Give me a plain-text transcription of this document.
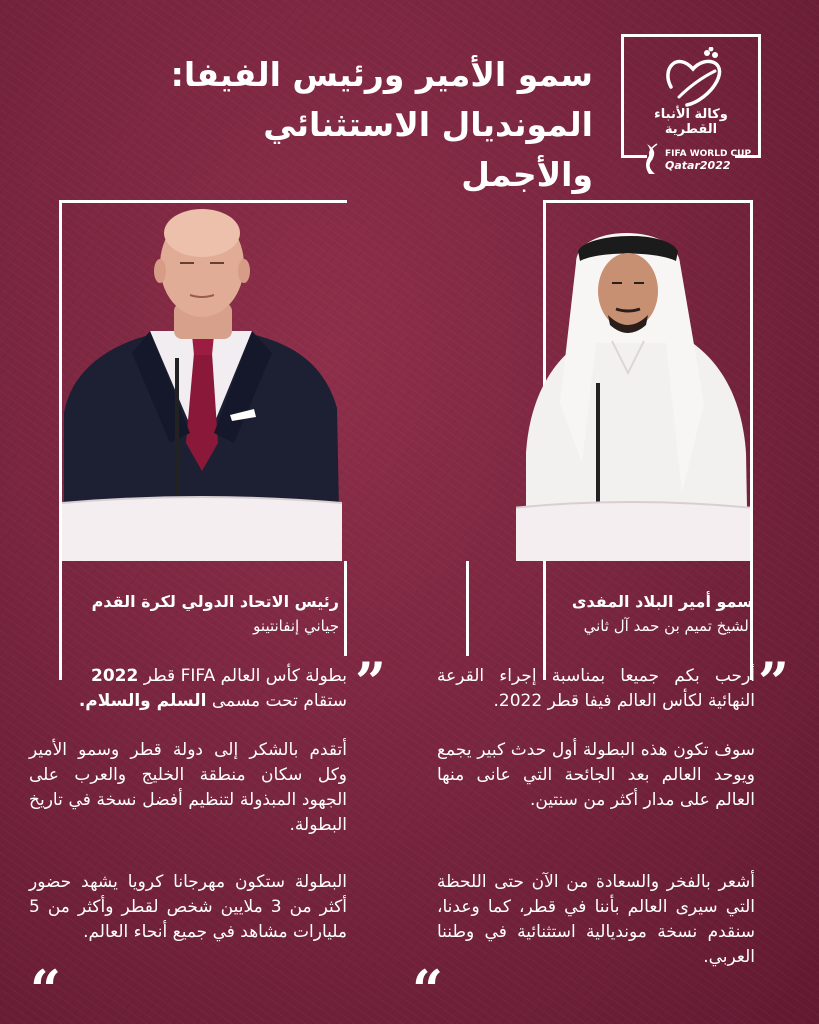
سمو الأمير ورئيس الفيفا:
المونديال الاستثنائي والأجمل
وكالة الأنباء
القطرية
FIFA WORLD CUP
Qatar2022
رئيس الاتحاد الدولي لكرة القدم
جياني إنفانتينو
سمو أمير البلاد المفدى
الشيخ تميم بن حمد آل ثاني
”
بطولة كأس العالم FIFA قطر 2022
ستقام تحت مسمى السلم والسلام.
أتقدم بالشكر إلى دولة قطر وسمو الأمير وكل سكان منطقة الخليج والعرب على الجهود المبذولة لتنظيم أفضل نسخة في تاريخ البطولة.
البطولة ستكون مهرجانا كرويا يشهد حضور أكثر من 3 ملايين شخص لقطر وأكثر من 5 مليارات مشاهد في جميع أنحاء العالم.
“
”
أرحب بكم جميعا بمناسبة إجراء القرعة النهائية لكأس العالم فيفا قطر 2022.
سوف تكون هذه البطولة أول حدث كبير يجمع ويوحد العالم بعد الجائحة التي عانى منها العالم على مدار أكثر من سنتين.
أشعر بالفخر والسعادة من الآن حتى اللحظة التي سيرى العالم بأننا في قطر، كما وعدنا، سنقدم نسخة مونديالية استثنائية في وطننا العربي.
“
